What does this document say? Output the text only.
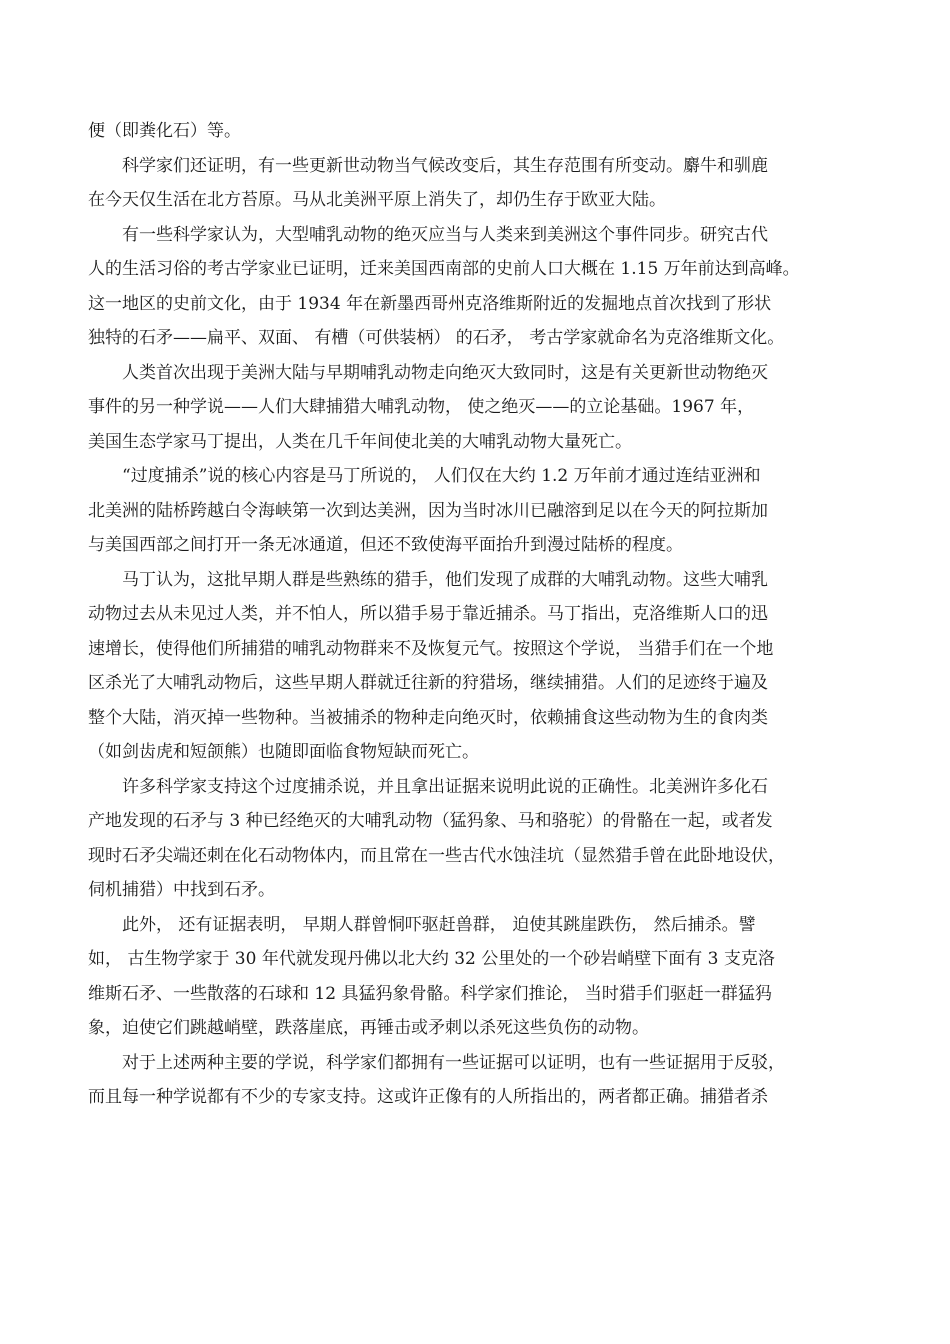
便（即粪化石）等。
科学家们还证明，有一些更新世动物当气候改变后，其生存范围有所变动。麝牛和驯鹿
在今天仅生活在北方苔原。马从北美洲平原上消失了，却仍生存于欧亚大陆。
有一些科学家认为，大型哺乳动物的绝灭应当与人类来到美洲这个事件同步。研究古代
人的生活习俗的考古学家业已证明，迁来美国西南部的史前人口大概在 1.15 万年前达到高峰。
这一地区的史前文化，由于 1934 年在新墨西哥州克洛维斯附近的发掘地点首次找到了形状
独特的石矛——扁平、双面、 有槽（可供装柄） 的石矛， 考古学家就命名为克洛维斯文化。
人类首次出现于美洲大陆与早期哺乳动物走向绝灭大致同时，这是有关更新世动物绝灭
事件的另一种学说——人们大肆捕猎大哺乳动物， 使之绝灭——的立论基础。1967 年，
美国生态学家马丁提出，人类在几千年间使北美的大哺乳动物大量死亡。
“过度捕杀”说的核心内容是马丁所说的， 人们仅在大约 1.2 万年前才通过连结亚洲和
北美洲的陆桥跨越白令海峡第一次到达美洲，因为当时冰川已融溶到足以在今天的阿拉斯加
与美国西部之间打开一条无冰通道，但还不致使海平面抬升到漫过陆桥的程度。
马丁认为，这批早期人群是些熟练的猎手，他们发现了成群的大哺乳动物。这些大哺乳
动物过去从未见过人类，并不怕人，所以猎手易于靠近捕杀。马丁指出，克洛维斯人口的迅
速增长，使得他们所捕猎的哺乳动物群来不及恢复元气。按照这个学说， 当猎手们在一个地
区杀光了大哺乳动物后，这些早期人群就迁往新的狩猎场，继续捕猎。人们的足迹终于遍及
整个大陆，消灭掉一些物种。当被捕杀的物种走向绝灭时，依赖捕食这些动物为生的食肉类
（如剑齿虎和短颌熊）也随即面临食物短缺而死亡。
许多科学家支持这个过度捕杀说，并且拿出证据来说明此说的正确性。北美洲许多化石
产地发现的石矛与 3 种已经绝灭的大哺乳动物（猛犸象、马和骆驼）的骨骼在一起，或者发
现时石矛尖端还刺在化石动物体内，而且常在一些古代水蚀洼坑（显然猎手曾在此卧地设伏，
伺机捕猎）中找到石矛。
此外， 还有证据表明， 早期人群曾恫吓驱赶兽群， 迫使其跳崖跌伤， 然后捕杀。譬
如， 古生物学家于 30 年代就发现丹佛以北大约 32 公里处的一个砂岩峭壁下面有 3 支克洛
维斯石矛、一些散落的石球和 12 具猛犸象骨骼。科学家们推论， 当时猎手们驱赶一群猛犸
象，迫使它们跳越峭壁，跌落崖底，再锤击或矛刺以杀死这些负伤的动物。
对于上述两种主要的学说，科学家们都拥有一些证据可以证明，也有一些证据用于反驳，
而且每一种学说都有不少的专家支持。这或许正像有的人所指出的，两者都正确。捕猎者杀
